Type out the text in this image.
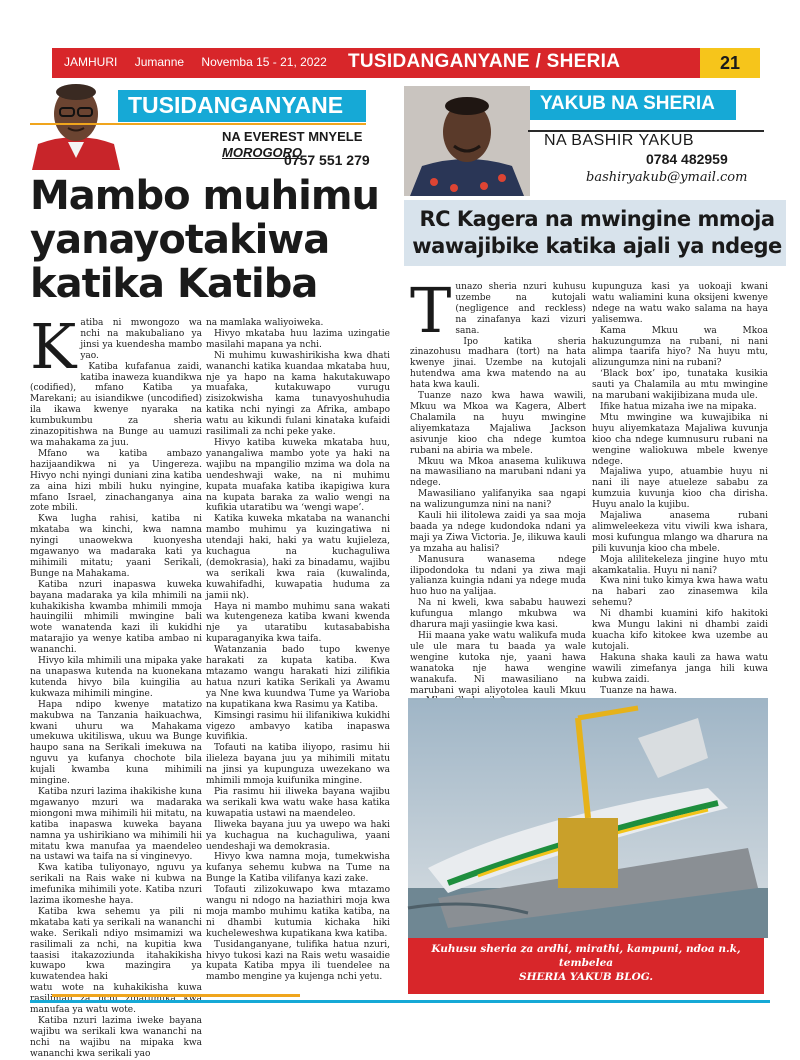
JAMHURI Jumanne Novemba 15 - 21, 2022	TUSIDANGANYANE / SHERIA	21
TUSIDANGANYANE
NA EVEREST MNYELE
MOROGORO
0757 551 279
YAKUB NA SHERIA
NA BASHIR YAKUB
0784 482959
bashiryakub@ymail.com
Mambo muhimu
yanayotakiwa
katika Katiba
RC Kagera na mwingine mmoja
wawajibike katika ajali ya ndege
K atiba ni mwongozo wa nchi na makubaliano ya jinsi ya kuendesha mambo yao.

Katiba kufafanua zaidi, katiba inaweza kuandikwa (codified), mfano Katiba ya Marekani; au isiandikwe (uncodified) ila ikawa kwenye nyaraka na kumbukumbu za sheria zinazopitishwa na Bunge au uamuzi wa mahakama za juu.

Mfano wa katiba ambazo hazijaandikwa ni ya Uingereza. Hivyo nchi nyingi duniani zina katiba za aina hizi mbili huku nyingine, mfano Israel, zinachanganya aina zote mbili.

Kwa lugha rahisi, katiba ni mkataba wa kinchi, kwa namna nyingi unaowekwa kuonyesha mgawanyo wa madaraka kati ya mihimili mitatu; yaani Serikali, Bunge na Mahakama.

Katiba nzuri inapaswa kuweka bayana madaraka ya kila mhimili na kuhakikisha kwamba mhimili mmoja hauingilii mhimili mwingine bali wote wanatenda kazi ili kukidhi matarajio ya wenye katiba ambao ni wananchi.

Hivyo kila mhimili una mipaka yake na unapaswa kutenda na kuonekana kutenda hivyo bila kuingilia au kukwaza mihimili mingine.

Hapa ndipo kwenye matatizo makubwa na Tanzania haikuachwa, kwani uhuru wa Mahakama umekuwa ukitiliswa, ukuu wa Bunge haupo sana na Serikali imekuwa na nguvu ya kufanya chochote bila kujali kwamba kuna mihimili mingine.

Katiba nzuri lazima ihakikishe kuna mgawanyo mzuri wa madaraka miongoni mwa mihimili hii mitatu, na katiba inapaswa kuweka bayana namna ya ushirikiano wa mihimili hii mitatu kwa manufaa ya maendeleo na ustawi wa taifa na si vinginevyo.

Kwa katiba tuliyonayo, nguvu ya serikali na Rais wake ni kubwa na imefunika mihimili yote. Katiba nzuri lazima ikomeshe haya.

Katiba kwa sehemu ya pili ni mkataba kati ya serikali na wananchi wake. Serikali ndiyo msimamizi wa rasilimali za nchi, na kupitia kwa taasisi itakazoziunda itahakikisha kuwapo kwa mazingira ya kuwatendea haki

watu wote na kuhakikisha kuwa manufaa ya watu wote.

Katiba nzuri lazima iweke bayana wajibu wa serikali kwa wananchi na nchi na wajibu na mipaka kwa wananchi kwa serikali yao

na mamlaka waliyoiweka.

Hivyo mkataba huu lazima uzingatie masilahi mapana ya nchi.

Ni muhimu kuwashirikisha kwa dhati wananchi katika kuandaa mkataba huu, nje ya hapo na kama hakutakuwapo muafaka, kutakuwapo vurugu zisizokwisha kama tunavyoshuhudia katika nchi nyingi za Afrika, ambapo watu au kikundi fulani kinataka kufaidi rasilimali za nchi peke yake.

Hivyo katiba kuweka mkataba huu, yanangaliwa mambo yote ya haki na wajibu na mpangilio mzima wa dola na uendeshwaji wake, na ni muhimu kupata muafaka katiba ikapigiwa kura na kupata baraka za walio wengi na kufikia utaratibu wa ‘wengi wape’.

Katika kuweka mkataba na wananchi mambo muhimu ya kuzingatiwa ni utendaji haki, haki ya watu kujieleza, kuchagua na kuchaguliwa (demokrasia), haki za binadamu, wajibu wa serikali kwa raia (kuwalinda, kuwahifadhi, kuwapatia huduma za jamii nk).

Haya ni mambo muhimu sana wakati wa kutengeneza katiba kwani kwenda nje ya utaratibu kutasababisha kuparaganyika kwa taifa.

Watanzania bado tupo kwenye harakati za kupata katiba. Kwa mtazamo wangu harakati hizi zilifikia hatua nzuri katika Serikali ya Awamu ya Nne kwa kuundwa Tume ya Warioba na kupatikana kwa Rasimu ya Katiba.

Kimsingi rasimu hii ilifanikiwa kukidhi vigezo ambavyo katiba inapaswa kuvifikia.

Tofauti na katiba iliyopo, rasimu hii ilieleza bayana juu ya mihimili mitatu na jinsi ya kupunguza uwezekano wa mhimili mmoja kuifunika mingine.

Pia rasimu hii iliweka bayana wajibu wa serikali kwa watu wake hasa katika kuwapatia ustawi na maendeleo.

Iliweka bayana juu ya uwepo wa haki ya kuchagua na kuchaguliwa, yaani uendeshaji wa demokrasia.

Hivyo kwa namna moja, tumekwisha kufanya sehemu kubwa na Tume na Bunge la Katiba vilifanya kazi zake.

Tofauti zilizokuwapo kwa mtazamo wangu ni ndogo na haziathiri moja kwa moja mambo muhimu katika katiba, na ni dhambi kutumia kichaka hiki kucheleweshwa kupatikana kwa katiba.

Tusidanganyane, tulifika hatua nzuri, hivyo tukosi kazi na Rais wetu wasaidie kupata Katiba mpya ili tuendelee na mambo mengine ya kujenga nchi yetu.

T unazo sheria nzuri kuhusu uzembe na kutojali (negligence and reckless) na zinafanya kazi vizuri sana.

Ipo katika sheria zinazohusu madhara (tort) na hata kwenye jinai. Uzembe na kutojali hutendwa ama kwa matendo na au hata kwa kauli.

Tuanze nazo kwa hawa wawili, Mkuu wa Mkoa wa Kagera, Albert Chalamila na huyu mwingine aliyemkataza Majaliwa Jackson asivunje kioo cha ndege kumtoa rubani na abiria wa mbele.

Mkuu wa Mkoa anasema kulikuwa na mawasiliano na marubani ndani ya ndege.

Mawasiliano yalifanyika saa ngapi na walizungumza nini na nani?

Kauli hii ilitolewa zaidi ya saa moja baada ya ndege kudondoka ndani ya maji ya Ziwa Victoria. Je, ilikuwa kauli ya mzaha au halisi?

Manusura wanasema ndege ilipodondoka tu ndani ya ziwa maji yalianza kuingia ndani ya ndege muda huo huo na yalijaa.

Na ni kweli, kwa sababu hauwezi kufungua mlango mkubwa wa dharura maji yasiingie kwa kasi.

Hii maana yake watu walikufa muda ule ule mara tu baada ya wale wengine kutoka nje, yaani hawa wanatoka nje hawa wengine wanakufa. Ni mawasiliano na marubani wapi aliyotolea kauli Mkuu

kupunguza kasi ya uokoaji kwani watu waliamini kuna oksijeni kwenye ndege na watu wako salama na haya yalisemwa.

Kama Mkuu wa Mkoa hakuzungumza na rubani, ni nani alimpa taarifa hiyo? Na huyu mtu, alizungumza nini na rubani?

‘Black box’ ipo, tunataka kusikia sauti ya Chalamila au mtu mwingine na marubani wakijibizana muda ule.

Ifike hatua mizaha iwe na mipaka.

Mtu mwingine wa kuwajibika ni huyu aliyemkataza Majaliwa kuvunja kioo cha ndege kumnusuru rubani na wengine waliokuwa mbele kwenye ndege.

Majaliwa yupo, atuambie huyu ni nani ili naye atueleze sababu za kumzuia kuvunja kioo cha dirisha. Huyu analo la kujibu.

Majaliwa anasema rubani alimweleekeza vitu viwili kwa ishara, mosi kufungua mlango wa dharura na pili kuvunja kioo cha mbele.

Moja alilitekeleza jingine huyo mtu akamkataliа. Huyu ni nani?

Kwa nini tuko kimya kwa hawa watu na habari zao zinasemwa kila sehemu?

Ni dhambi kuamini kifo hakitoki kwa Mungu lakini ni dhambi zaidi kuacha kifo kitokee kwa uzembe au kutojali.

Hakuna shaka kauli za hawa watu wawili zimefanya janga hili kuwa kubwa zaidi.

Tuanze na hawa.

Kuhusu sheria za ardhi, mirathi, kampuni, ndoa n.k,
tembelea
SHERIA YAKUB BLOG.
